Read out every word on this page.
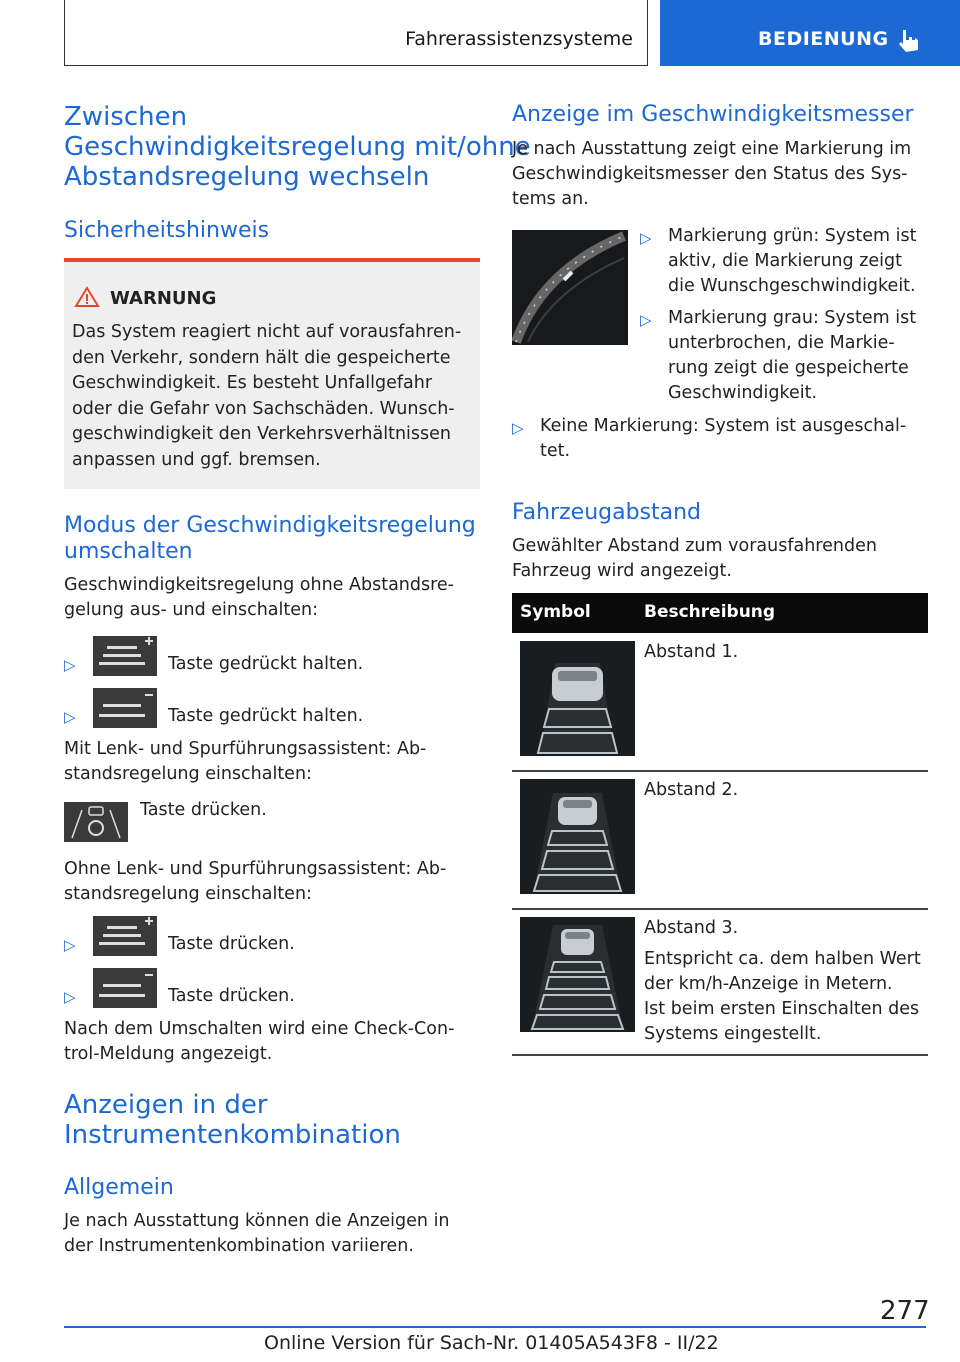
Fahrerassistenzsysteme	BEDIENUNG
Zwischen
Geschwindigkeitsregelung mit/ohne
Abstandsregelung wechseln
Sicherheitshinweis
WARNUNG
Das System reagiert nicht auf vorausfahren-
den Verkehr, sondern hält die gespeicherte
Geschwindigkeit. Es besteht Unfallgefahr
oder die Gefahr von Sachschäden. Wunsch-
geschwindigkeit den Verkehrsverhältnissen
anpassen und ggf. bremsen.
Modus der Geschwindigkeitsregelung
umschalten
Geschwindigkeitsregelung ohne Abstandsre-
gelung aus- und einschalten:
▷	Taste gedrückt halten.
▷	Taste gedrückt halten.
Mit Lenk- und Spurführungsassistent: Ab-
standsregelung einschalten:
Taste drücken.
Ohne Lenk- und Spurführungsassistent: Ab-
standsregelung einschalten:
▷	Taste drücken.
▷	Taste drücken.
Nach dem Umschalten wird eine Check-Con-
trol-Meldung angezeigt.
Anzeigen in der
Instrumentenkombination
Allgemein
Je nach Ausstattung können die Anzeigen in
der Instrumentenkombination variieren.
Anzeige im Geschwindigkeitsmesser
Je nach Ausstattung zeigt eine Markierung im
Geschwindigkeitsmesser den Status des Sys-
tems an.
▷ Markierung grün: System ist
aktiv, die Markierung zeigt
die Wunschgeschwindigkeit.
▷ Markierung grau: System ist
unterbrochen, die Markie-
rung zeigt die gespeicherte
Geschwindigkeit.
▷ Keine Markierung: System ist ausgeschal-
tet.
Fahrzeugabstand
Gewählter Abstand zum vorausfahrenden
Fahrzeug wird angezeigt.
Symbol	Beschreibung
Abstand 1.
Abstand 2.
Abstand 3.
Entspricht ca. dem halben Wert
der km/h-Anzeige in Metern.
Ist beim ersten Einschalten des
Systems eingestellt.
277
Online Version für Sach-Nr. 01405A543F8 - II/22
